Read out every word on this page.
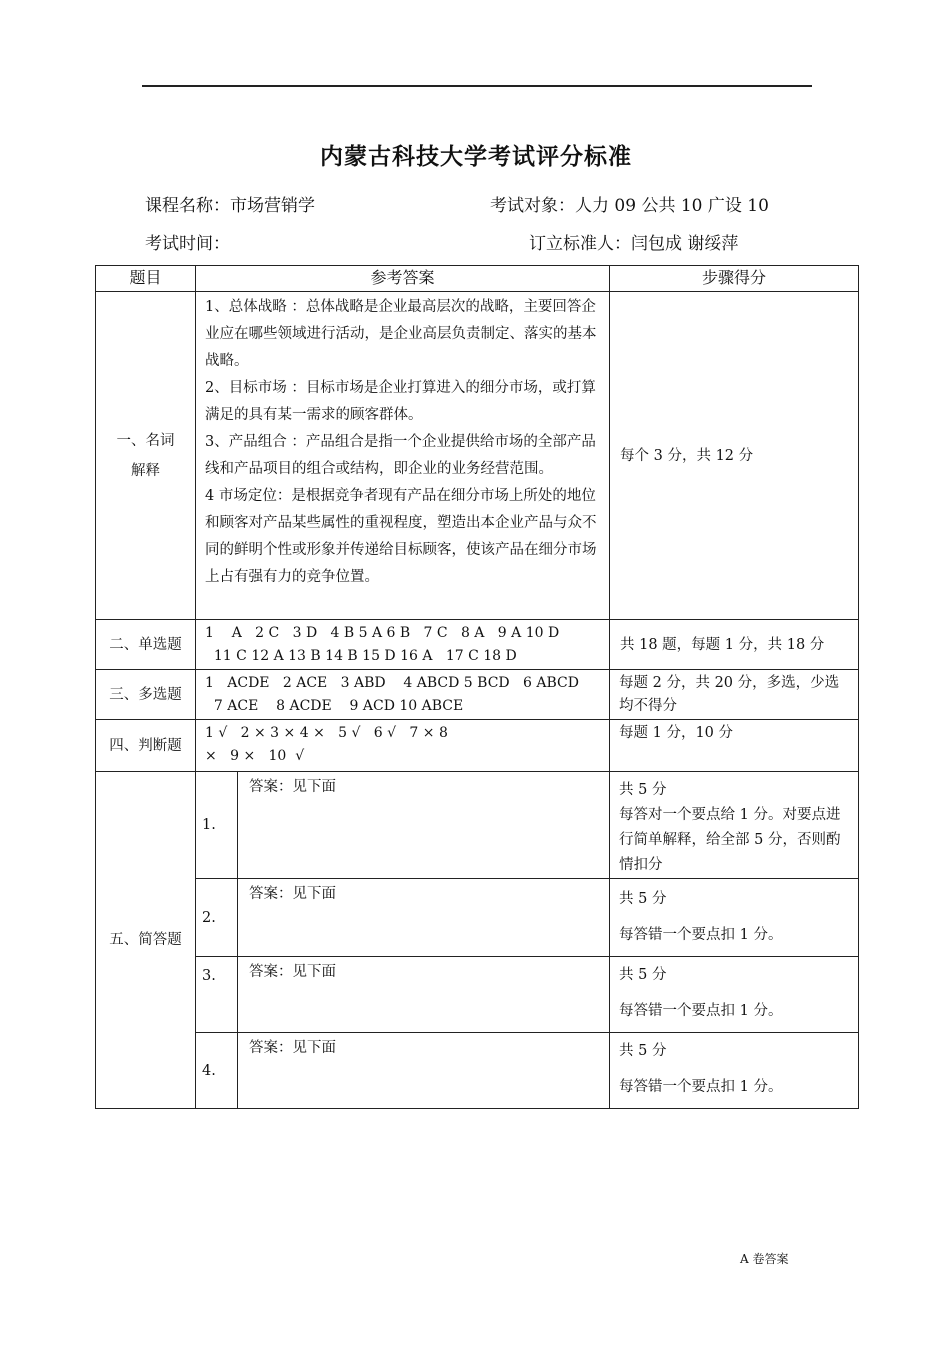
内蒙古科技大学考试评分标准
课程名称：市场营销学	考试对象：人力 09 公共 10 广设 10
考试时间：	订立标准人：闫包成 谢绥萍
题目	参考答案		步骤得分

一、名词
解释	1、总体战略 ：总体战略是企业最高层次的战略，主要回答企业应在哪些领域进行活动，是企业高层负责制定、落实的基本战略。
2、目标市场 ：目标市场是企业打算进入的细分市场，或打算满足的具有某一需求的顾客群体。
3、产品组合 ：产品组合是指一个企业提供给市场的全部产品线和产品项目的组合或结构，即企业的业务经营范围。
4 市场定位：是根据竞争者现有产品在细分市场上所处的地位和顾客对产品某些属性的重视程度，塑造出本企业产品与众不同的鲜明个性或形象并传递给目标顾客，使该产品在细分市场上占有强有力的竞争位置。		每个 3 分，共 12 分
二、单选题	1    A   2 C   3 D   4 B 5 A 6 B   7 C   8 A   9 A 10 D
11 C 12 A 13 B 14 B 15 D 16 A   17 C 18 D		共 18 题，每题 1 分，共 18 分
三、多选题	1   ACDE   2 ACE   3 ABD    4 ABCD 5 BCD   6 ABCD
7 ACE    8 ACDE    9 ACD 10 ABCE		每题 2 分，共 20 分，多选，少选均不得分
四、判断题	1 √   2 × 3 × 4 ×   5 √   6 √   7 × 8
×   9 ×   10  √		每题 1 分，10 分
五、简答题	1.	答案：见下面	共 5 分
每答对一个要点给 1 分。对要点进行简单解释，给全部 5 分，否则酌情扣分

	2.	答案：见下面	共 5 分
每答错一个要点扣 1 分。

	3.	答案：见下面	共 5 分
每答错一个要点扣 1 分。

	4.	答案：见下面	共 5 分
每答错一个要点扣 1 分。
A 卷答案
